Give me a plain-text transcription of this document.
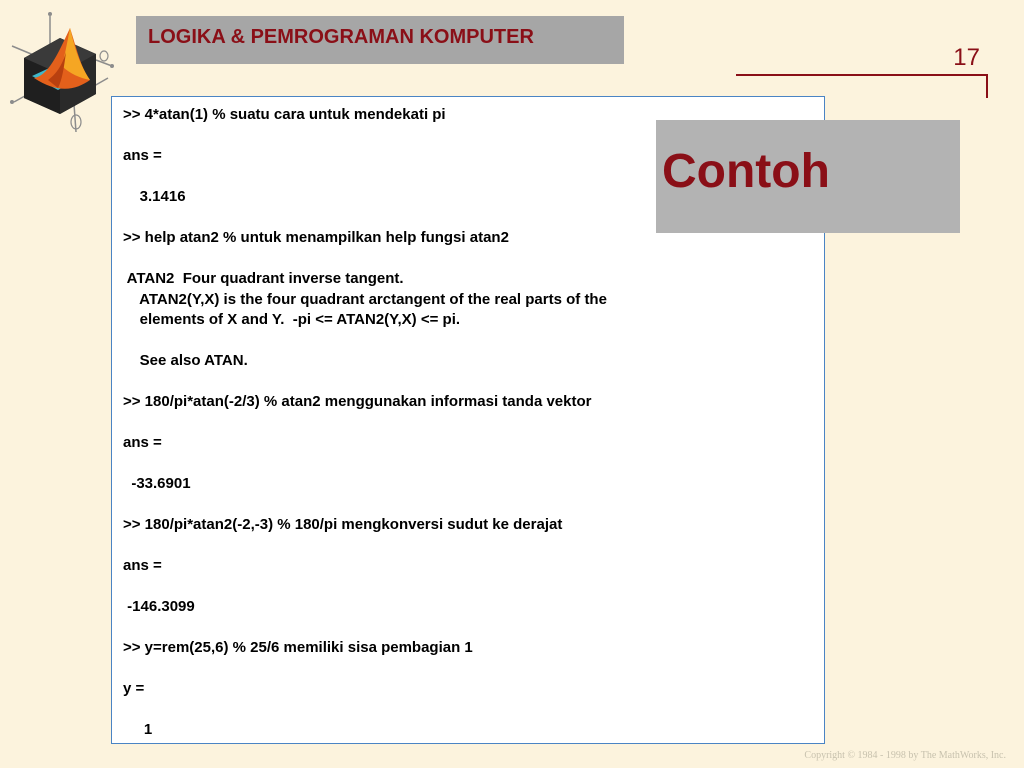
LOGIKA & PEMROGRAMAN KOMPUTER
17
>> 4*atan(1) % suatu cara untuk mendekati pi
ans =
3.1416
>> help atan2 % untuk menampilkan help fungsi atan2
ATAN2  Four quadrant inverse tangent.
ATAN2(Y,X) is the four quadrant arctangent of the real parts of the
elements of X and Y.  -pi <= ATAN2(Y,X) <= pi.
See also ATAN.
>> 180/pi*atan(-2/3) % atan2 menggunakan informasi tanda vektor
ans =
-33.6901
>> 180/pi*atan2(-2,-3) % 180/pi mengkonversi sudut ke derajat
ans =
-146.3099
>> y=rem(25,6) % 25/6 memiliki sisa pembagian 1
y =
1
Contoh
Copyright © 1984 - 1998 by The MathWorks, Inc.
